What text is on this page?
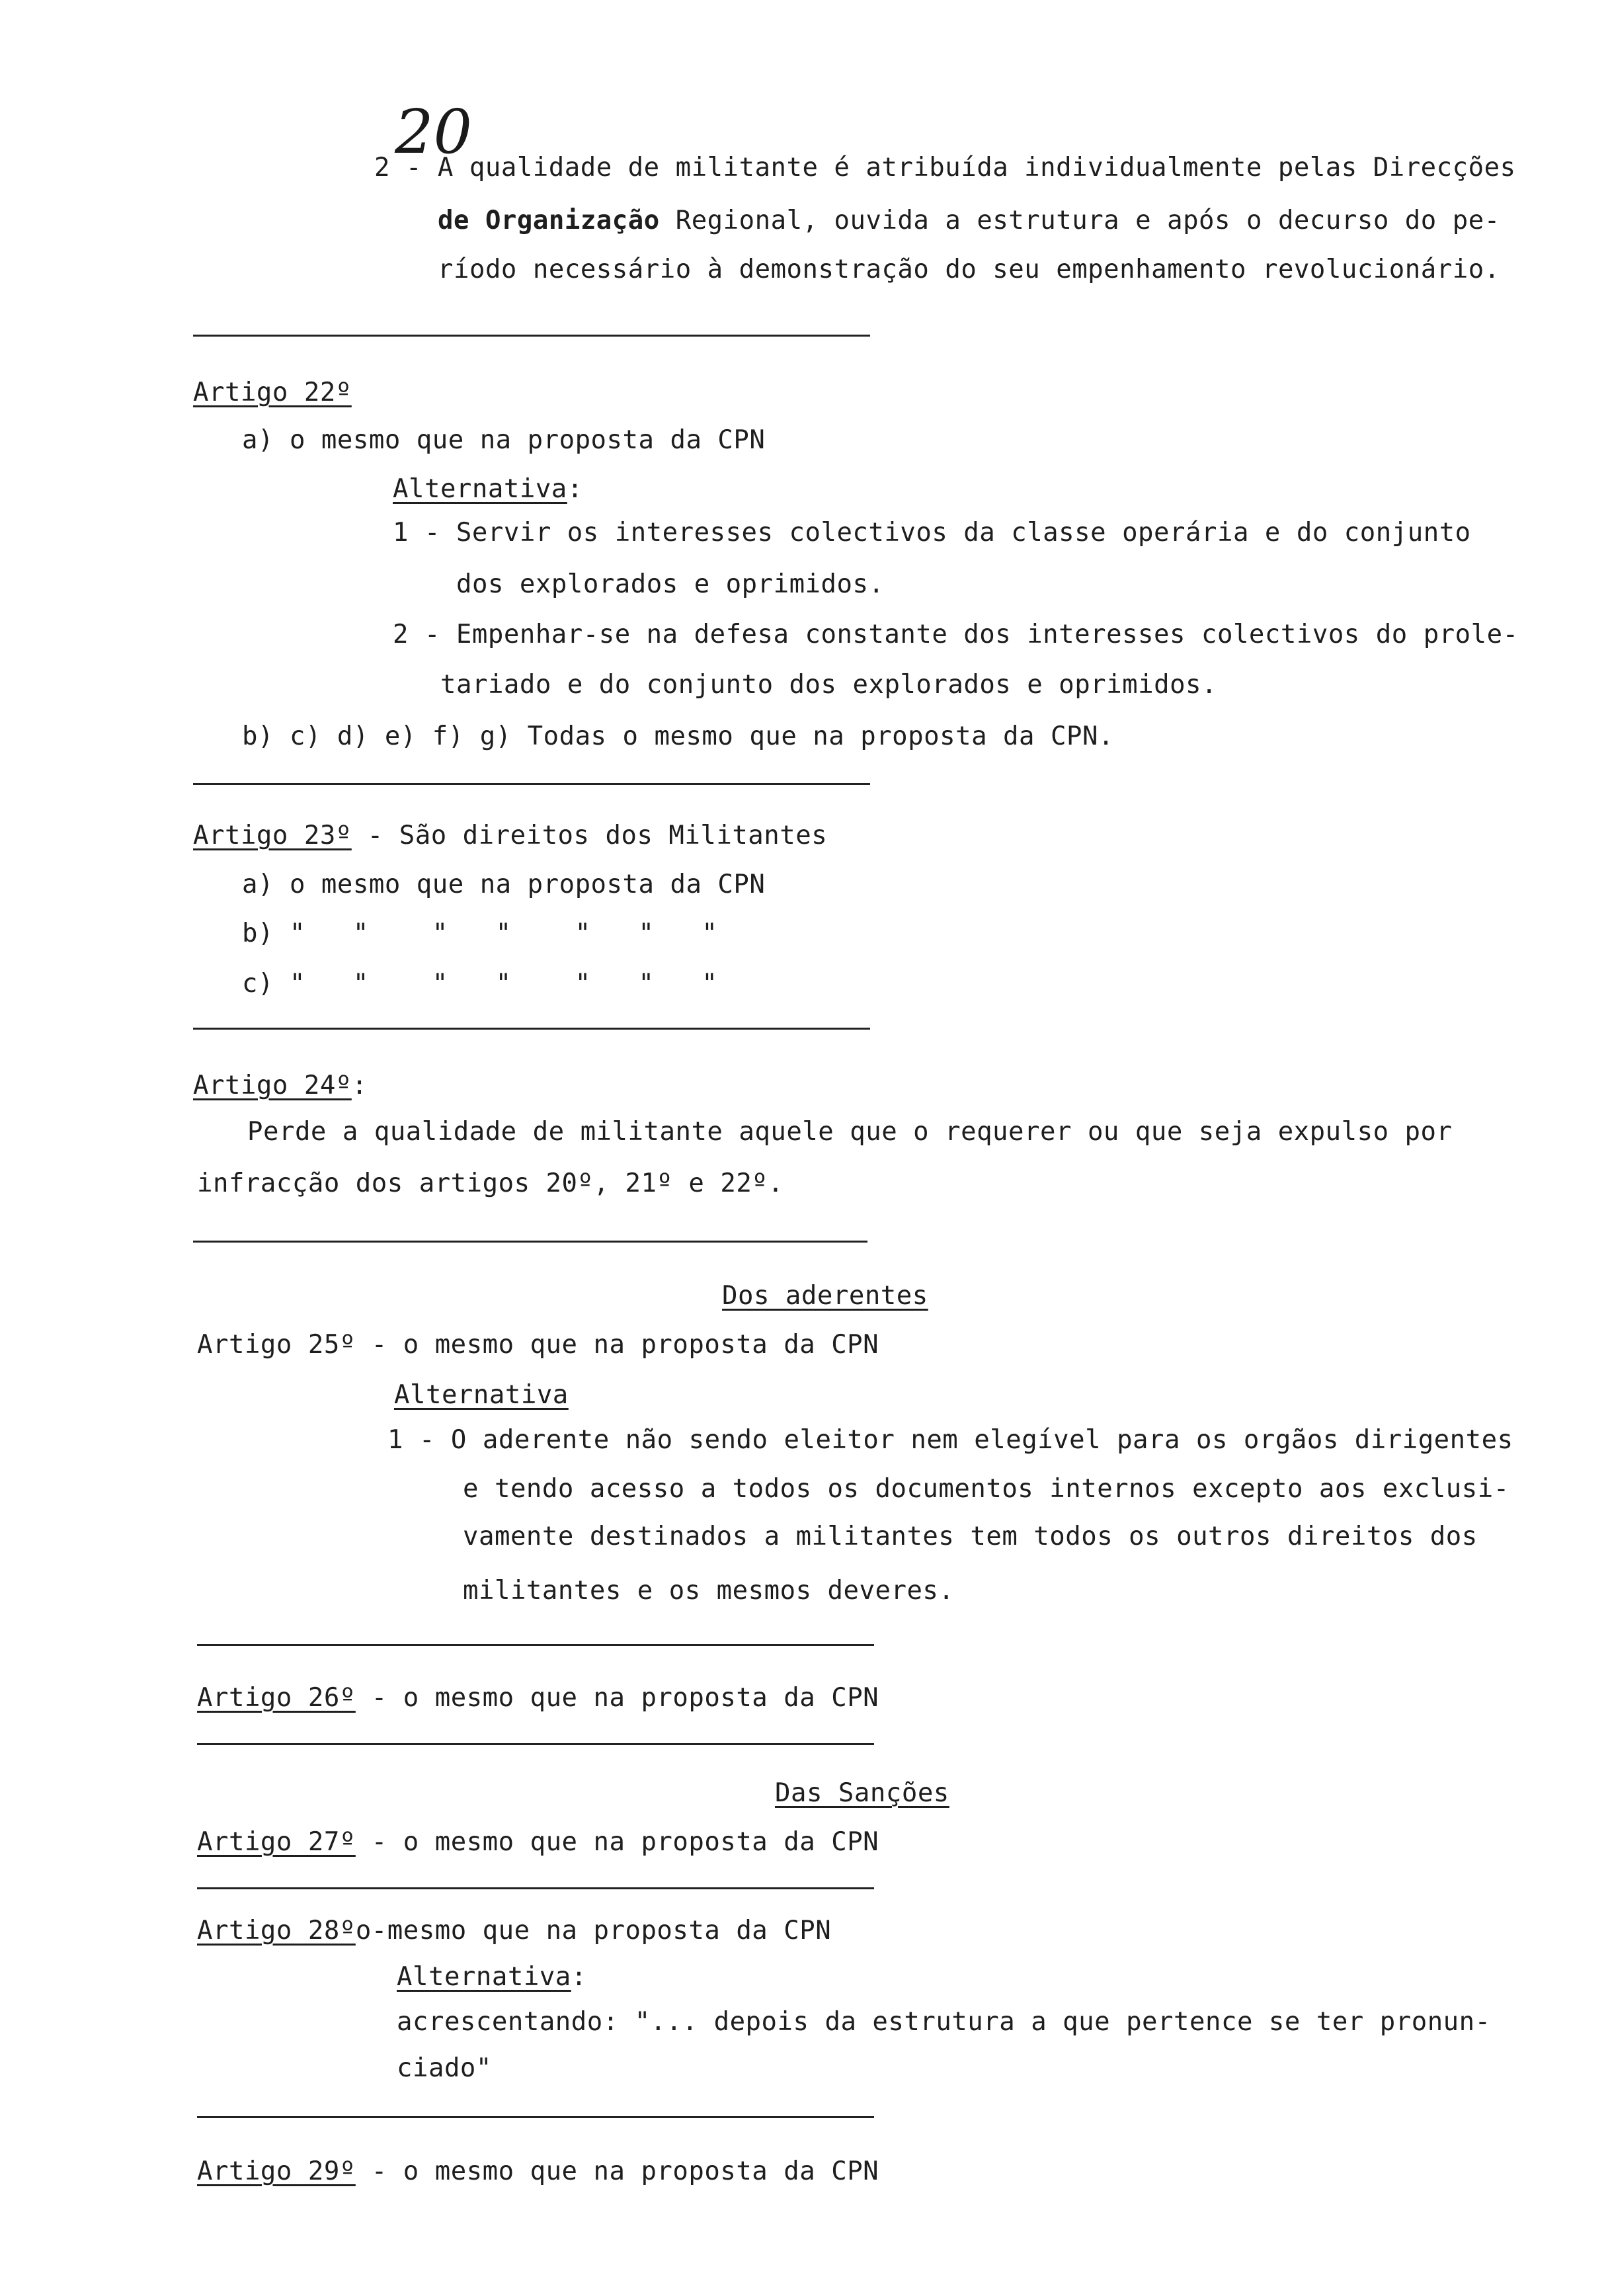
20
2 - A qualidade de militante é atribuída individualmente pelas Direcções
de Organização Regional, ouvida a estrutura e após o decurso do pe-
ríodo necessário à demonstração do seu empenhamento revolucionário.
Artigo 22º
a) o mesmo que na proposta da CPN
Alternativa:
1 - Servir os interesses colectivos da classe operária e do conjunto
dos explorados e oprimidos.
2 - Empenhar-se na defesa constante dos interesses colectivos do prole-
tariado e do conjunto dos explorados e oprimidos.
b) c) d) e) f) g) Todas o mesmo que na proposta da CPN.
Artigo 23º - São direitos dos Militantes
a) o mesmo que na proposta da CPN
b) "   "    "   "    "   "   "
c) "   "    "   "    "   "   "
Artigo 24º:
Perde a qualidade de militante aquele que o requerer ou que seja expulso por
infracção dos artigos 20º, 21º e 22º.
Dos aderentes
Artigo 25º - o mesmo que na proposta da CPN
Alternativa
1 - O aderente não sendo eleitor nem elegível para os orgãos dirigentes
e tendo acesso a todos os documentos internos excepto aos exclusi-
vamente destinados a militantes tem todos os outros direitos dos
militantes e os mesmos deveres.
Artigo 26º - o mesmo que na proposta da CPN
Das Sanções
Artigo 27º - o mesmo que na proposta da CPN
Artigo 28ºo-mesmo que na proposta da CPN
Alternativa:
acrescentando: "... depois da estrutura a que pertence se ter pronun-
ciado"
Artigo 29º - o mesmo que na proposta da CPN
